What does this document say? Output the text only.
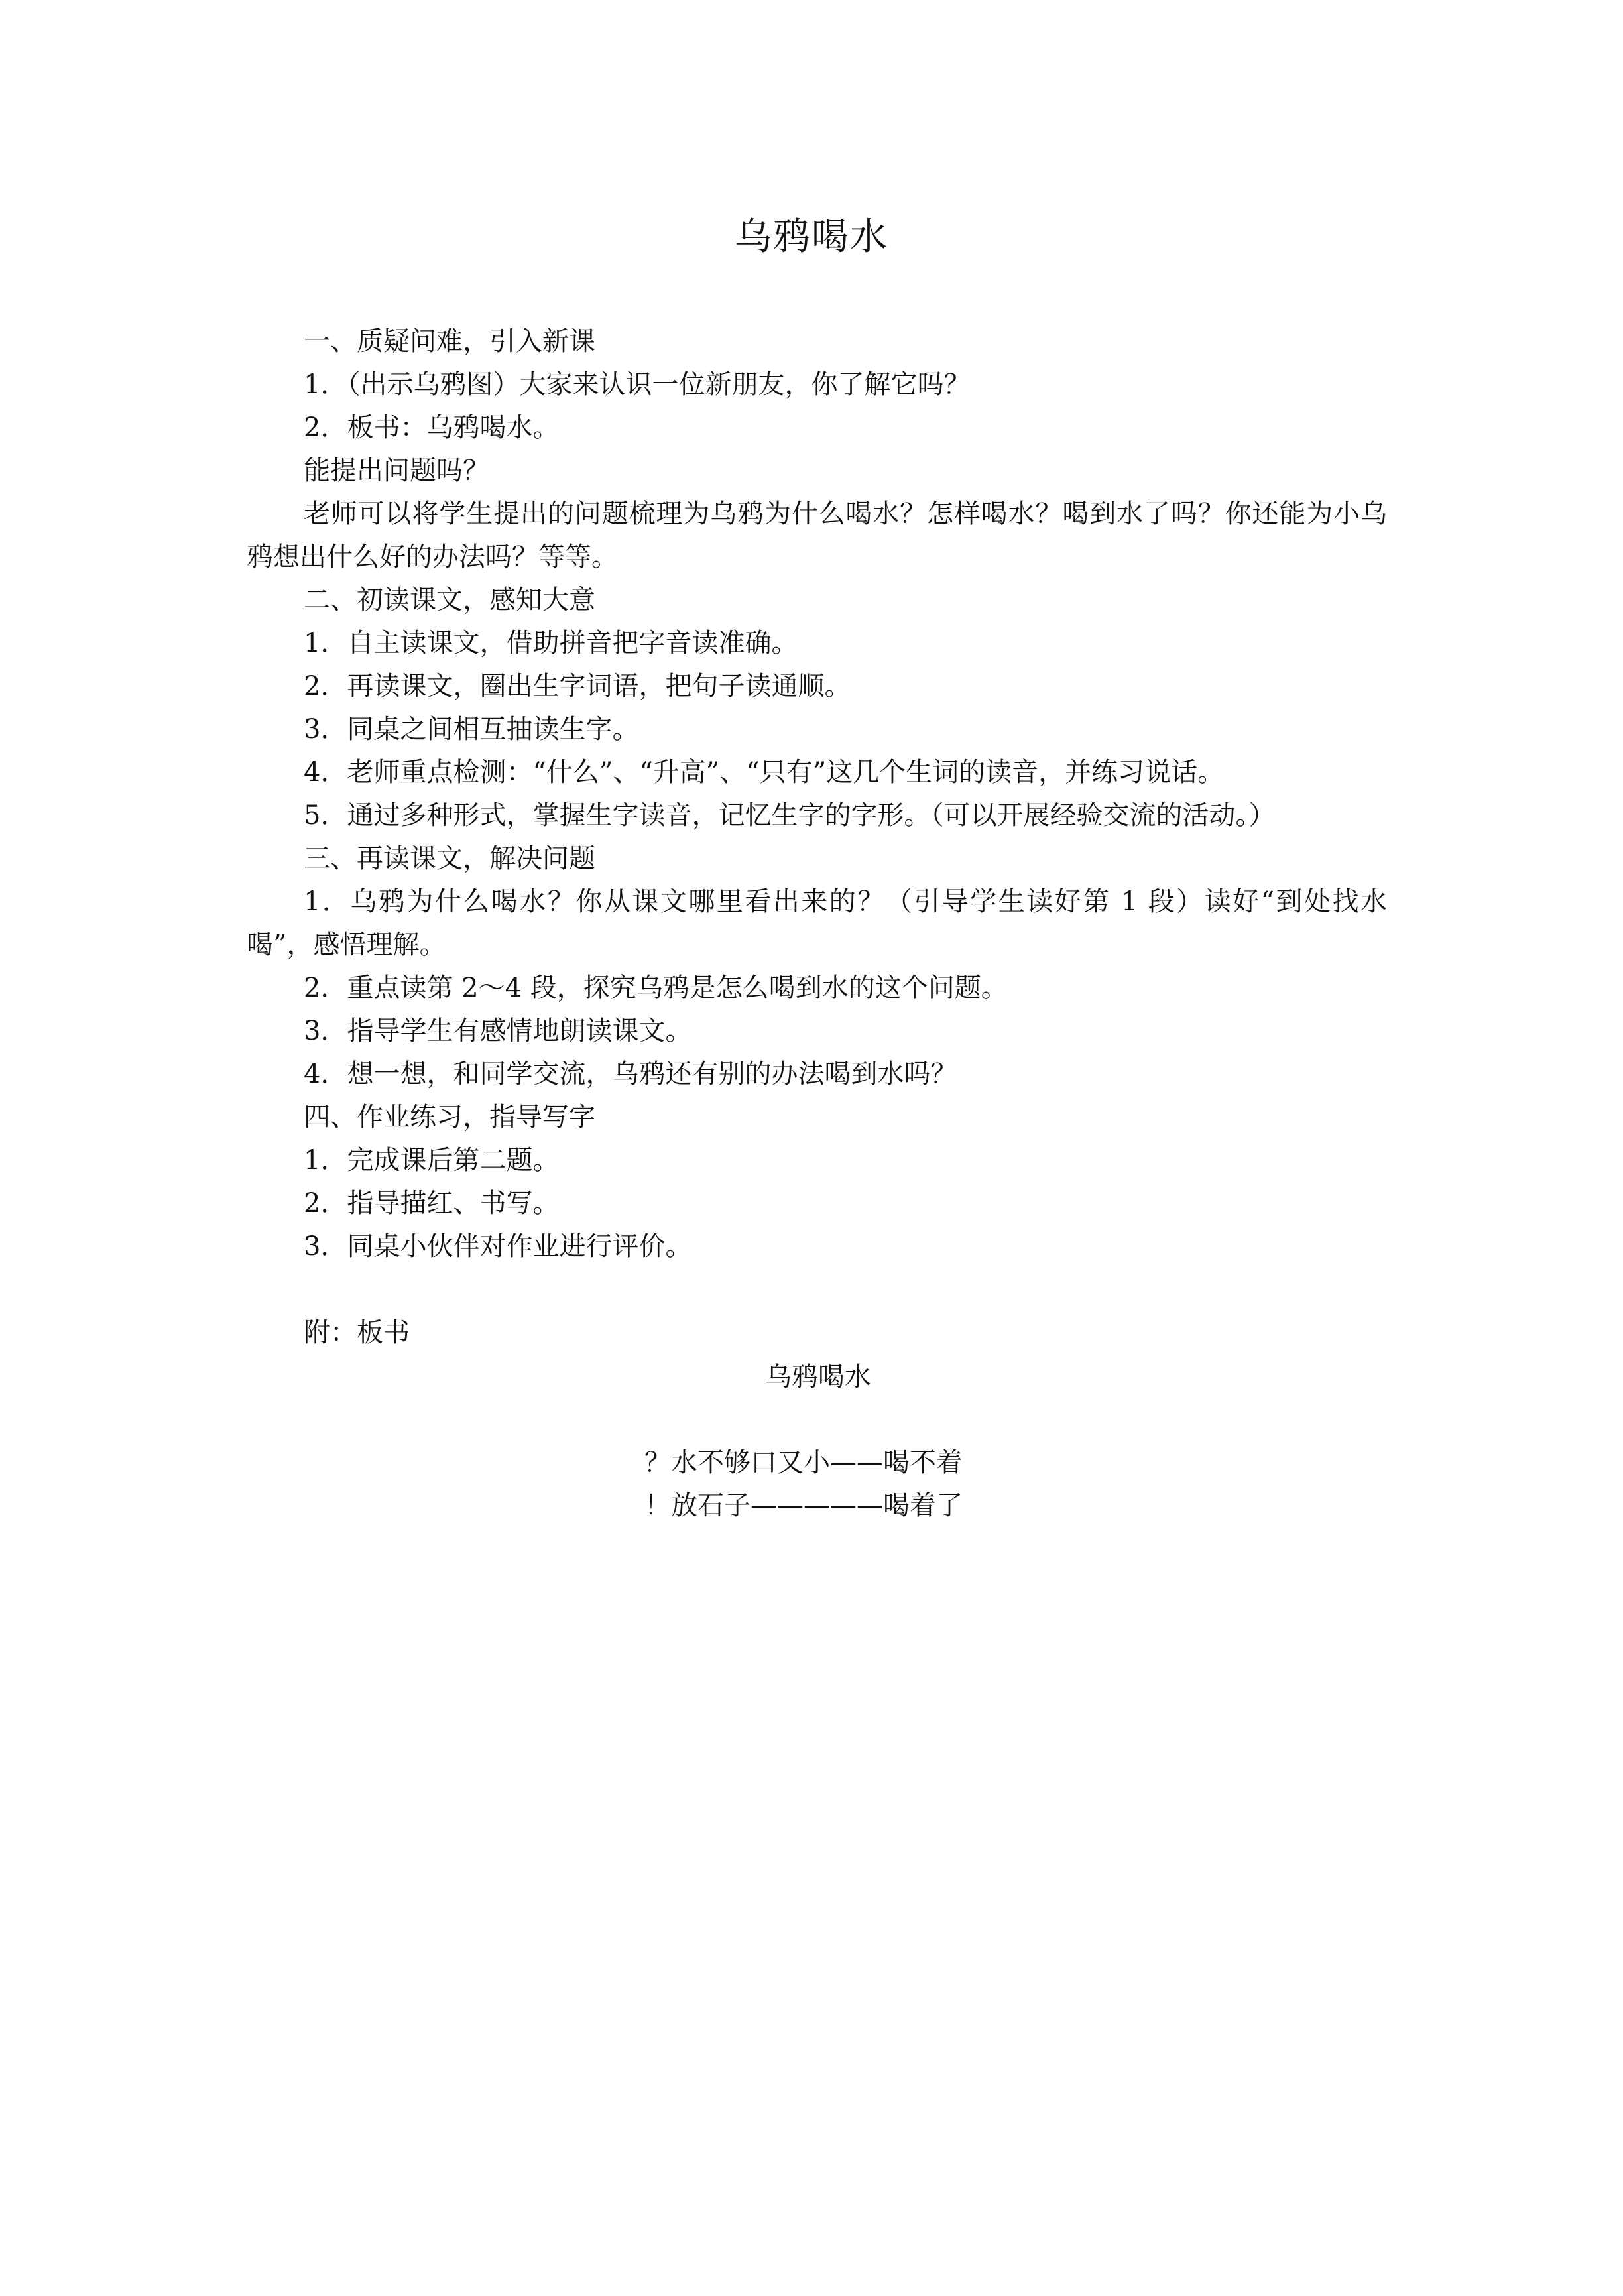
乌鸦喝水
一、质疑问难，引入新课
1．（出示乌鸦图）大家来认识一位新朋友，你了解它吗？
2．板书：乌鸦喝水。
能提出问题吗？
老师可以将学生提出的问题梳理为乌鸦为什么喝水？怎样喝水？喝到水了吗？你还能为小乌鸦想出什么好的办法吗？等等。
二、初读课文，感知大意
1．自主读课文，借助拼音把字音读准确。
2．再读课文，圈出生字词语，把句子读通顺。
3．同桌之间相互抽读生字。
4．老师重点检测：“什么”、“升高”、“只有”这几个生词的读音，并练习说话。
5．通过多种形式，掌握生字读音，记忆生字的字形。（可以开展经验交流的活动。）
三、再读课文，解决问题
1．乌鸦为什么喝水？你从课文哪里看出来的？（引导学生读好第 1 段）读好“到处找水喝”，感悟理解。
2．重点读第 2～4 段，探究乌鸦是怎么喝到水的这个问题。
3．指导学生有感情地朗读课文。
4．想一想，和同学交流，乌鸦还有别的办法喝到水吗？
四、作业练习，指导写字
1．完成课后第二题。
2．指导描红、书写。
3．同桌小伙伴对作业进行评价。
附：板书
乌鸦喝水
？水不够口又小——喝不着
！放石子—————喝着了
